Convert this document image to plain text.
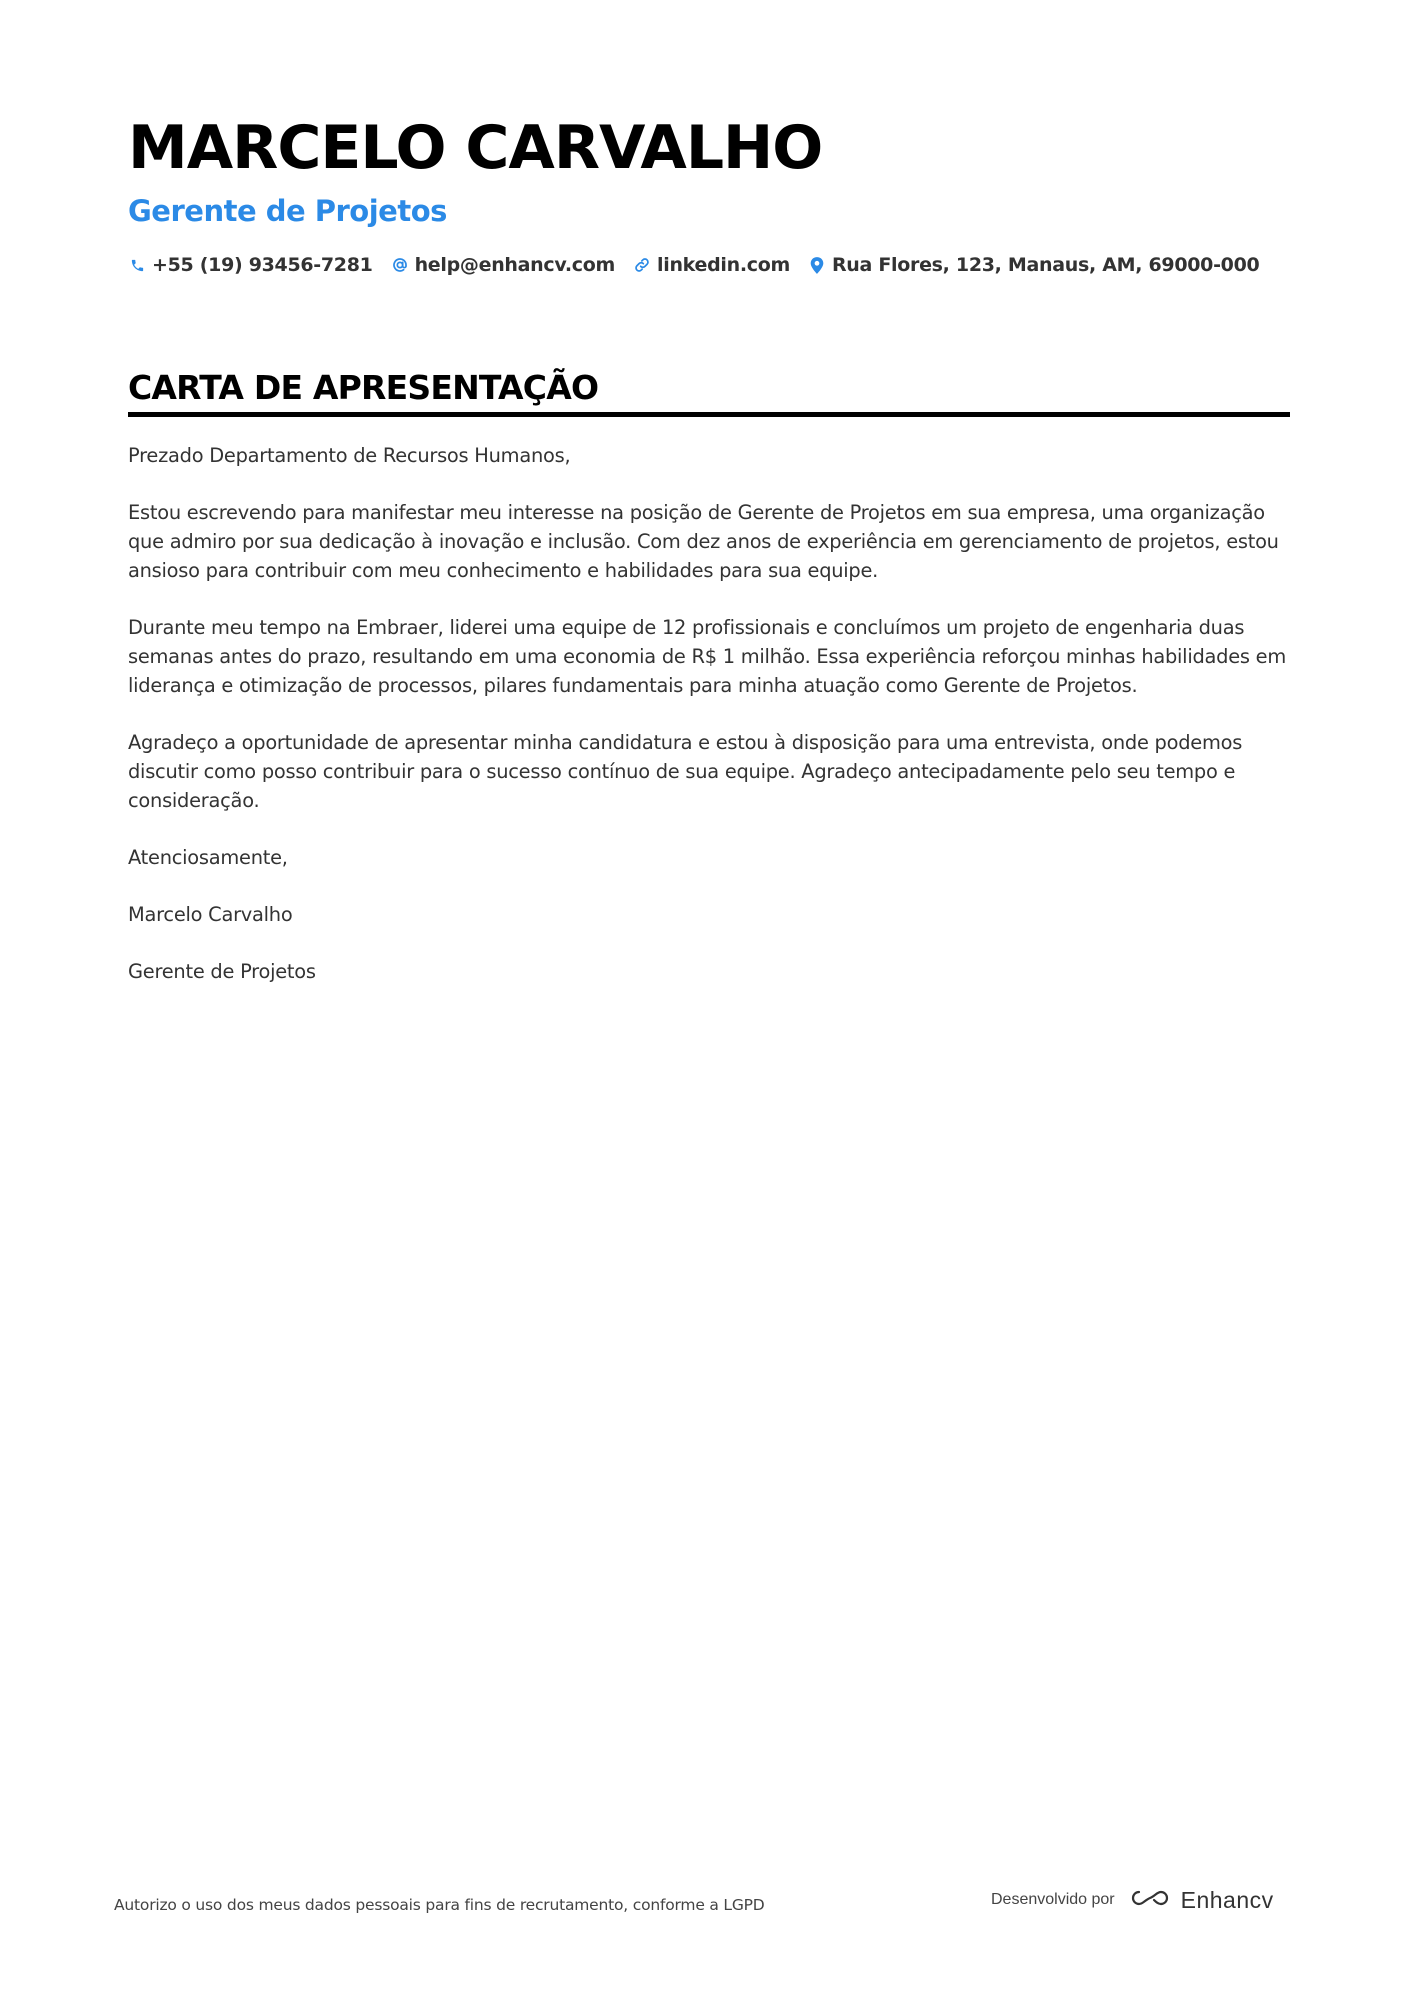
MARCELO CARVALHO
Gerente de Projetos
+55 (19) 93456-7281 help@enhancv.com linkedin.com Rua Flores, 123, Manaus, AM, 69000-000
CARTA DE APRESENTAÇÃO

Prezado Departamento de Recursos Humanos,

Estou escrevendo para manifestar meu interesse na posição de Gerente de Projetos em sua empresa, uma organização que admiro por sua dedicação à inovação e inclusão. Com dez anos de experiência em gerenciamento de projetos, estou ansioso para contribuir com meu conhecimento e habilidades para sua equipe.

Durante meu tempo na Embraer, liderei uma equipe de 12 profissionais e concluímos um projeto de engenharia duas semanas antes do prazo, resultando em uma economia de R$ 1 milhão. Essa experiência reforçou minhas habilidades em liderança e otimização de processos, pilares fundamentais para minha atuação como Gerente de Projetos.

Agradeço a oportunidade de apresentar minha candidatura e estou à disposição para uma entrevista, onde podemos discutir como posso contribuir para o sucesso contínuo de sua equipe. Agradeço antecipadamente pelo seu tempo e consideração.

Atenciosamente,

Marcelo Carvalho

Gerente de Projetos

Autorizo o uso dos meus dados pessoais para fins de recrutamento, conforme a LGPD	Desenvolvido por	Enhancv
